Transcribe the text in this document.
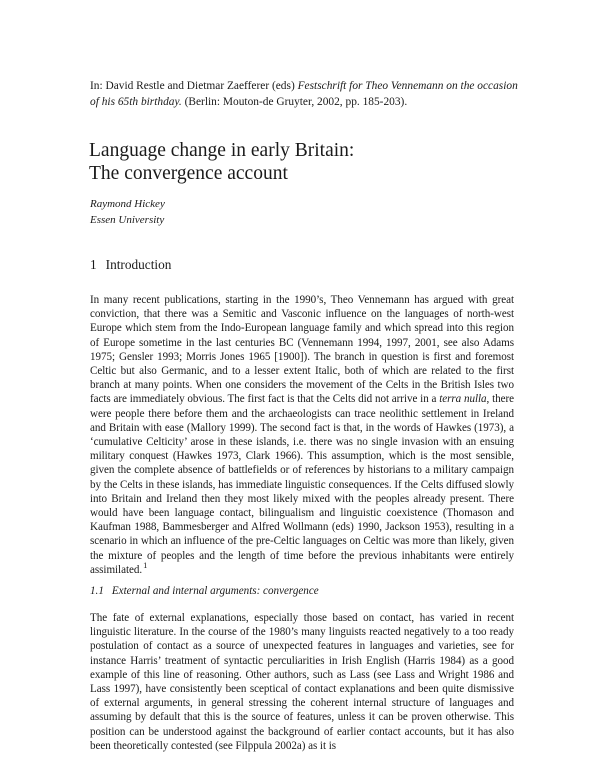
In: David Restle and Dietmar Zaefferer (eds) Festschrift for Theo Vennemann on the occasion of his 65th birthday. (Berlin: Mouton-de Gruyter, 2002, pp. 185-203).
Language change in early Britain:
The convergence account
Raymond Hickey
Essen University
1 Introduction

In many recent publications, starting in the 1990’s, Theo Vennemann has argued with great conviction, that there was a Semitic and Vasconic influence on the languages of north-west Europe which stem from the Indo-European language family and which spread into this region of Europe sometime in the last centuries BC (Vennemann 1994, 1997, 2001, see also Adams 1975; Gensler 1993; Morris Jones 1965 [1900]). The branch in question is first and foremost Celtic but also Germanic, and to a lesser extent Italic, both of which are related to the first branch at many points. When one considers the movement of the Celts in the British Isles two facts are immediately obvious. The first fact is that the Celts did not arrive in a terra nulla, there were people there before them and the archaeologists can trace neolithic settlement in Ireland and Britain with ease (Mallory 1999). The second fact is that, in the words of Hawkes (1973), a ‘cumulative Celticity’ arose in these islands, i.e. there was no single invasion with an ensuing military conquest (Hawkes 1973, Clark 1966). This assumption, which is the most sensible, given the complete absence of battlefields or of references by historians to a military campaign by the Celts in these islands, has immediate linguistic consequences. If the Celts diffused slowly into Britain and Ireland then they most likely mixed with the peoples already present. There would have been language contact, bilingualism and linguistic coexistence (Thomason and Kaufman 1988, Bammesberger and Alfred Wollmann (eds) 1990, Jackson 1953), resulting in a scenario in which an influence of the pre-Celtic languages on Celtic was more than likely, given the mixture of peoples and the length of time before the previous inhabitants were entirely assimilated.$^1$

1.1 External and internal arguments: convergence

The fate of external explanations, especially those based on contact, has varied in recent linguistic literature. In the course of the 1980’s many linguists reacted negatively to a too ready postulation of contact as a source of unexpected features in languages and varieties, see for instance Harris’ treatment of syntactic perculiarities in Irish English (Harris 1984) as a good example of this line of reasoning. Other authors, such as Lass (see Lass and Wright 1986 and Lass 1997), have consistently been sceptical of contact explanations and been quite dismissive of external arguments, in general stressing the coherent internal structure of languages and assuming by default that this is the source of features, unless it can be proven otherwise. This position can be understood against the background of earlier contact accounts, but it has also been theoretically contested (see Filppula 2002a) as it is
